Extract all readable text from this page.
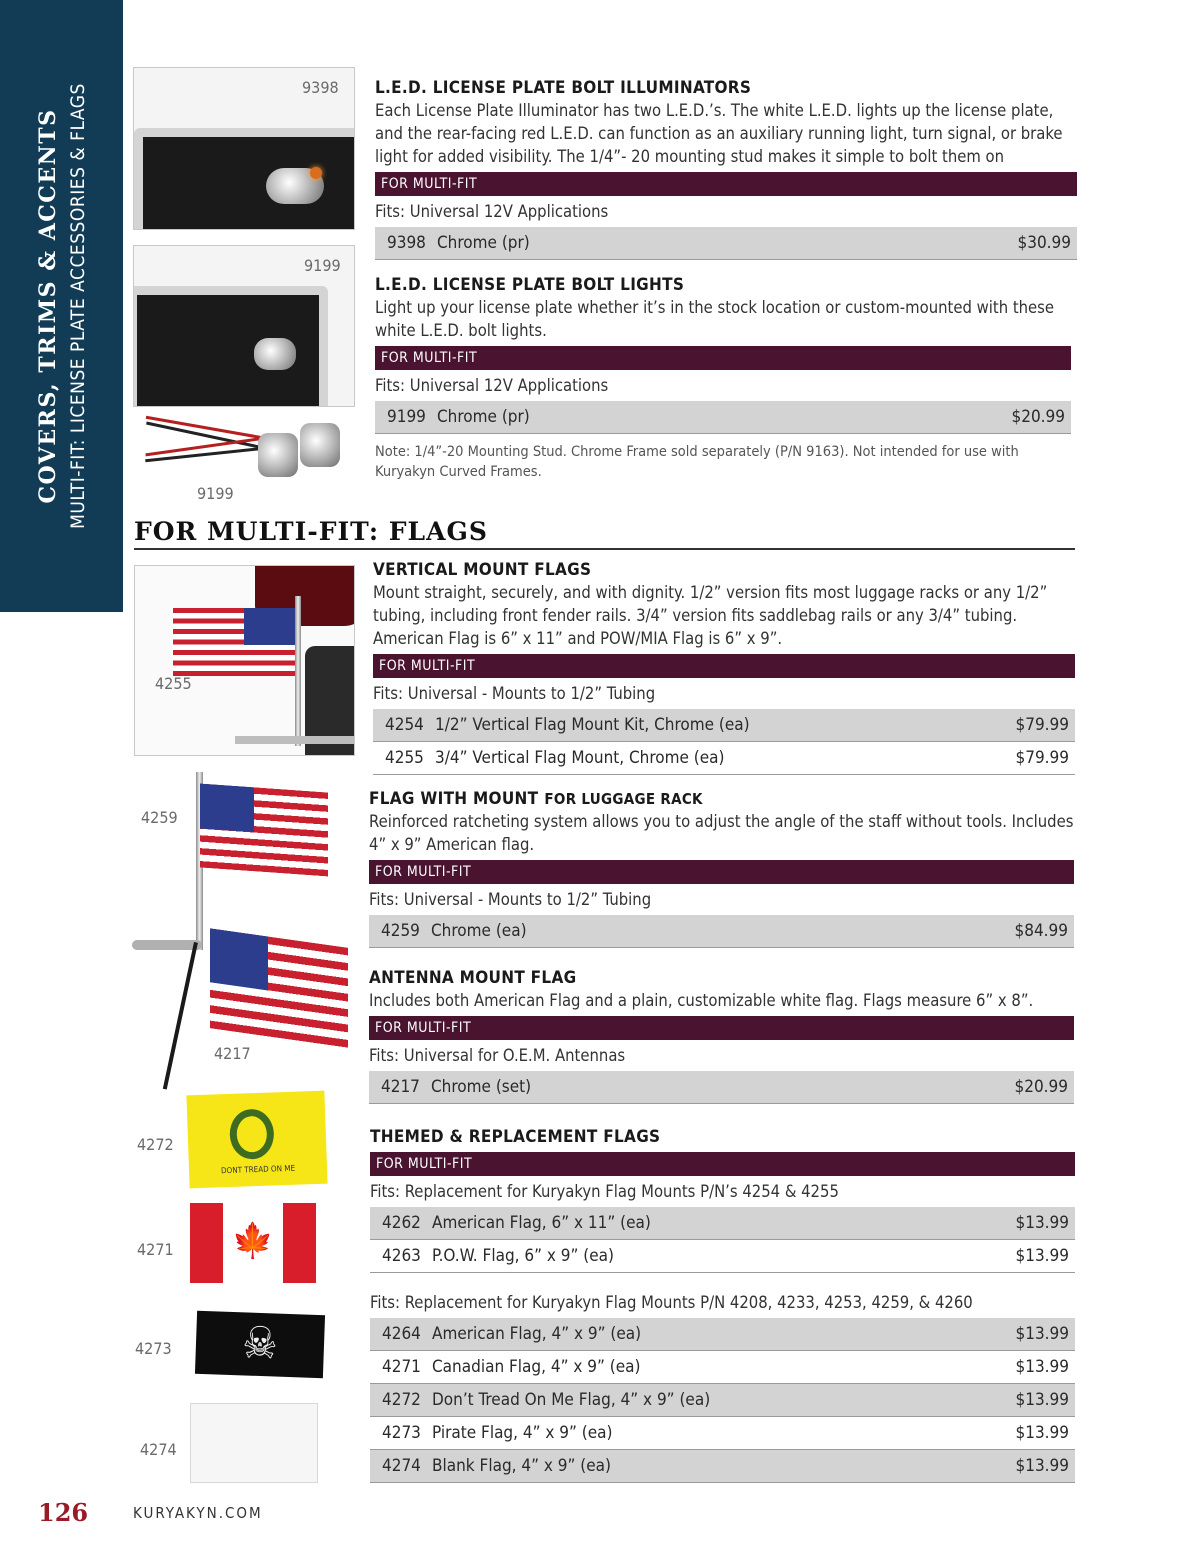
COVERS, TRIMS & ACCENTS MULTI-FIT: LICENSE PLATE ACCESSORIES & FLAGS	9398
9199
9199
L.E.D. LICENSE PLATE BOLT ILLUMINATORS
Each License Plate Illuminator has two L.E.D.’s. The white L.E.D. lights up the license plate, and the rear-facing red L.E.D. can function as an auxiliary running light, turn signal, or brake light for added visibility. The 1/4”- 20 mounting stud makes it simple to bolt them on
FOR MULTI-FIT
Fits: Universal 12V Applications
9398 Chrome (pr)	$30.99
L.E.D. LICENSE PLATE BOLT LIGHTS
Light up your license plate whether it’s in the stock location or custom-mounted with these white L.E.D. bolt lights.
FOR MULTI-FIT
Fits: Universal 12V Applications
9199 Chrome (pr)	$20.99
Note: 1/4”-20 Mounting Stud. Chrome Frame sold separately (P/N 9163). Not intended for use with Kuryakyn Curved Frames.
FOR MULTI-FIT: FLAGS
4255
4259
4217
VERTICAL MOUNT FLAGS
Mount straight, securely, and with dignity. 1/2” version fits most luggage racks or any 1/2” tubing, including front fender rails. 3/4” version fits saddlebag rails or any 3/4” tubing. American Flag is 6” x 11” and POW/MIA Flag is 6” x 9”.
FOR MULTI-FIT
Fits: Universal - Mounts to 1/2” Tubing
4254 1/2” Vertical Flag Mount Kit, Chrome (ea)	$79.99
4255 3/4” Vertical Flag Mount, Chrome (ea)	$79.99
FLAG WITH MOUNT FOR LUGGAGE RACK
Reinforced ratcheting system allows you to adjust the angle of the staff without tools. Includes 4” x 9” American flag.
FOR MULTI-FIT
Fits: Universal - Mounts to 1/2” Tubing
4259 Chrome (ea)	$84.99
ANTENNA MOUNT FLAG
Includes both American Flag and a plain, customizable white flag. Flags measure 6” x 8”.
FOR MULTI-FIT
Fits: Universal for O.E.M. Antennas
4217 Chrome (set)	$20.99
DONT TREAD ON ME
4272
🍁
4271
☠
4273
4274
THEMED & REPLACEMENT FLAGS
FOR MULTI-FIT
Fits: Replacement for Kuryakyn Flag Mounts P/N’s 4254 & 4255
4262 American Flag, 6” x 11” (ea)	$13.99
4263 P.O.W. Flag, 6” x 9” (ea)	$13.99
Fits: Replacement for Kuryakyn Flag Mounts P/N 4208, 4233, 4253, 4259, & 4260
4264 American Flag, 4” x 9” (ea)	$13.99
4271 Canadian Flag, 4” x 9” (ea)	$13.99
4272 Don’t Tread On Me Flag, 4” x 9” (ea)	$13.99
4273 Pirate Flag, 4” x 9” (ea)	$13.99
4274 Blank Flag, 4” x 9” (ea)	$13.99
126	KURYAKYN.COM
